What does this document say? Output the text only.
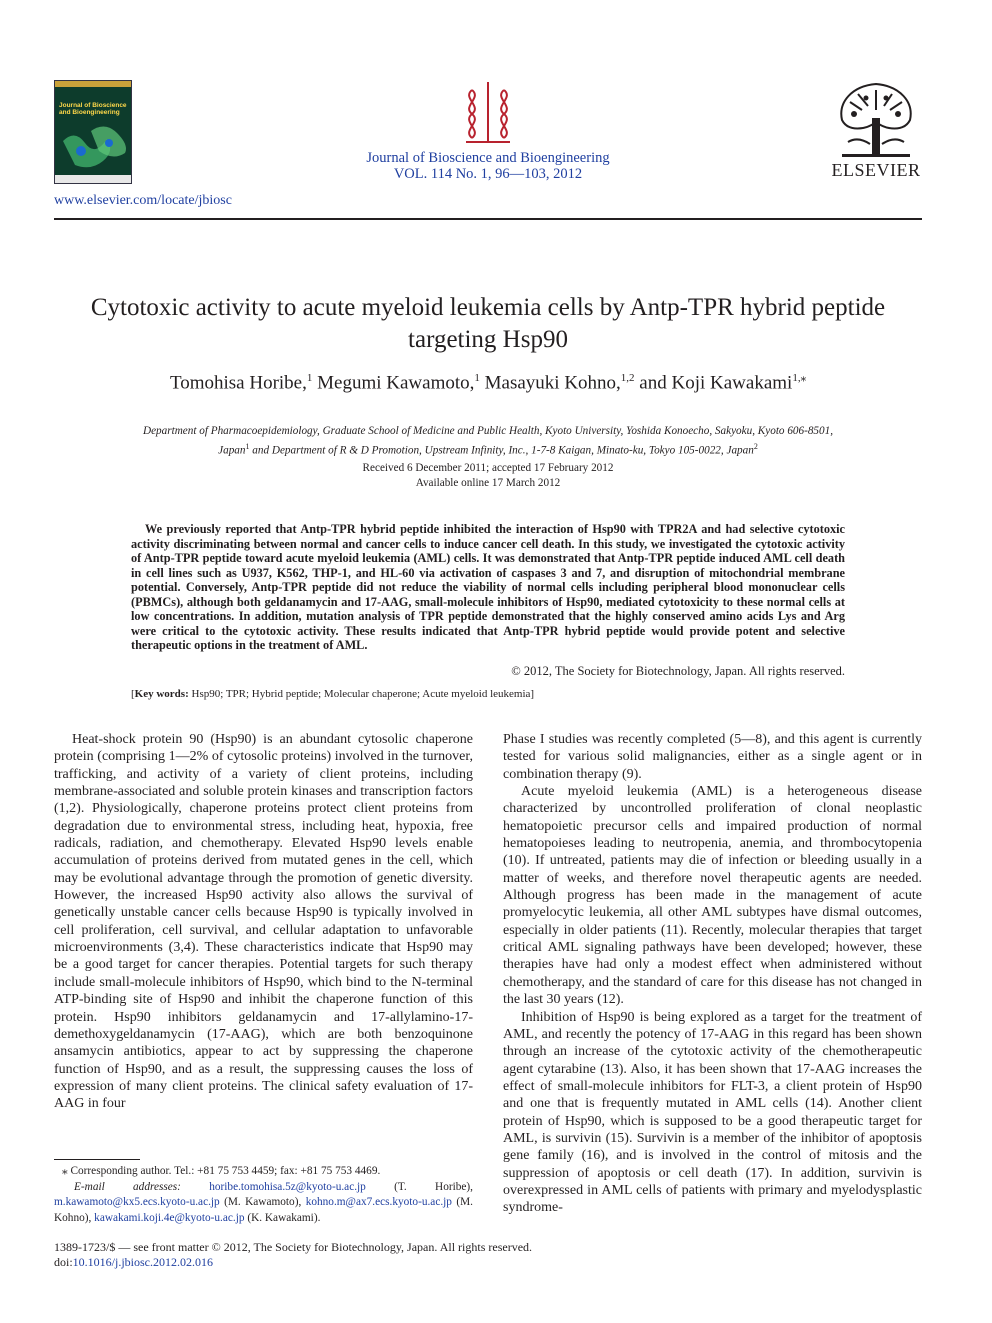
Journal of Bioscience and Bioengineering
Journal of Bioscience and Bioengineering
VOL. 114 No. 1, 96—103, 2012	ELSEVIER
www.elsevier.com/locate/jbiosc
Cytotoxic activity to acute myeloid leukemia cells by Antp-TPR hybrid peptide targeting Hsp90
Tomohisa Horibe,$^1$ Megumi Kawamoto,$^1$ Masayuki Kohno,$^{1,2}$ and Koji Kawakami$^{1,⁎}$
Department of Pharmacoepidemiology, Graduate School of Medicine and Public Health, Kyoto University, Yoshida Konoecho, Sakyoku, Kyoto 606-8501, Japan$^1$ and Department of R & D Promotion, Upstream Infinity, Inc., 1-7-8 Kaigan, Minato-ku, Tokyo 105-0022, Japan$^2$
Received 6 December 2011; accepted 17 February 2012
Available online 17 March 2012
We previously reported that Antp-TPR hybrid peptide inhibited the interaction of Hsp90 with TPR2A and had selective cytotoxic activity discriminating between normal and cancer cells to induce cancer cell death. In this study, we investigated the cytotoxic activity of Antp-TPR peptide toward acute myeloid leukemia (AML) cells. It was demonstrated that Antp-TPR peptide induced AML cell death in cell lines such as U937, K562, THP-1, and HL-60 via activation of caspases 3 and 7, and disruption of mitochondrial membrane potential. Conversely, Antp-TPR peptide did not reduce the viability of normal cells including peripheral blood mononuclear cells (PBMCs), although both geldanamycin and 17-AAG, small-molecule inhibitors of Hsp90, mediated cytotoxicity to these normal cells at low concentrations. In addition, mutation analysis of TPR peptide demonstrated that the highly conserved amino acids Lys and Arg were critical to the cytotoxic activity. These results indicated that Antp-TPR hybrid peptide would provide potent and selective therapeutic options in the treatment of AML.
© 2012, The Society for Biotechnology, Japan. All rights reserved.
[Key words: Hsp90; TPR; Hybrid peptide; Molecular chaperone; Acute myeloid leukemia]

Heat-shock protein 90 (Hsp90) is an abundant cytosolic chaperone protein (comprising 1—2% of cytosolic proteins) involved in the turnover, trafficking, and activity of a variety of client proteins, including membrane-associated and soluble protein kinases and transcription factors (1,2). Physiologically, chaperone proteins protect client proteins from degradation due to environmental stress, including heat, hypoxia, free radicals, radiation, and chemotherapy. Elevated Hsp90 levels enable accumulation of proteins derived from mutated genes in the cell, which may be evolutional advantage through the promotion of genetic diversity. However, the increased Hsp90 activity also allows the survival of genetically unstable cancer cells because Hsp90 is typically involved in cell proliferation, cell survival, and cellular adaptation to unfavorable microenvironments (3,4). These characteristics indicate that Hsp90 may be a good target for cancer therapies. Potential targets for such therapy include small-molecule inhibitors of Hsp90, which bind to the N-terminal ATP-binding site of Hsp90 and inhibit the chaperone function of this protein. Hsp90 inhibitors geldanamycin and 17-allylamino-17-demethoxygeldanamycin (17-AAG), which are both benzoquinone ansamycin antibiotics, appear to act by suppressing the chaperone function of Hsp90, and as a result, the suppressing causes the loss of expression of many client proteins. The clinical safety evaluation of 17-AAG in four

Phase I studies was recently completed (5—8), and this agent is currently tested for various solid malignancies, either as a single agent or in combination therapy (9).

Acute myeloid leukemia (AML) is a heterogeneous disease characterized by uncontrolled proliferation of clonal neoplastic hematopoietic precursor cells and impaired production of normal hematopoieses leading to neutropenia, anemia, and thrombocytopenia (10). If untreated, patients may die of infection or bleeding usually in a matter of weeks, and therefore novel therapeutic agents are needed. Although progress has been made in the management of acute promyelocytic leukemia, all other AML subtypes have dismal outcomes, especially in older patients (11). Recently, molecular therapies that target critical AML signaling pathways have been developed; however, these therapies have had only a modest effect when administered without chemotherapy, and the standard of care for this disease has not changed in the last 30 years (12).

Inhibition of Hsp90 is being explored as a target for the treatment of AML, and recently the potency of 17-AAG in this regard has been shown through an increase of the cytotoxic activity of the chemotherapeutic agent cytarabine (13). Also, it has been shown that 17-AAG increases the effect of small-molecule inhibitors for FLT-3, a client protein of Hsp90 and one that is frequently mutated in AML cells (14). Another client protein of Hsp90, which is supposed to be a good therapeutic target for AML, is survivin (15). Survivin is a member of the inhibitor of apoptosis gene family (16), and is involved in the control of mitosis and the suppression of apoptosis or cell death (17). In addition, survivin is overexpressed in AML cells of patients with primary and myelodysplastic syndrome-

⁎ Corresponding author. Tel.: +81 75 753 4459; fax: +81 75 753 4469.
E-mail addresses:	horibe.tomohisa.5z@kyoto-u.ac.jp (T. Horibe), m.kawamoto@kx5.ecs.kyoto-u.ac.jp (M. Kawamoto), kohno.m@ax7.ecs.kyoto-u.ac.jp (M. Kohno), kawakami.koji.4e@kyoto-u.ac.jp (K. Kawakami).
1389-1723/$ — see front matter © 2012, The Society for Biotechnology, Japan. All rights reserved.
doi:10.1016/j.jbiosc.2012.02.016
